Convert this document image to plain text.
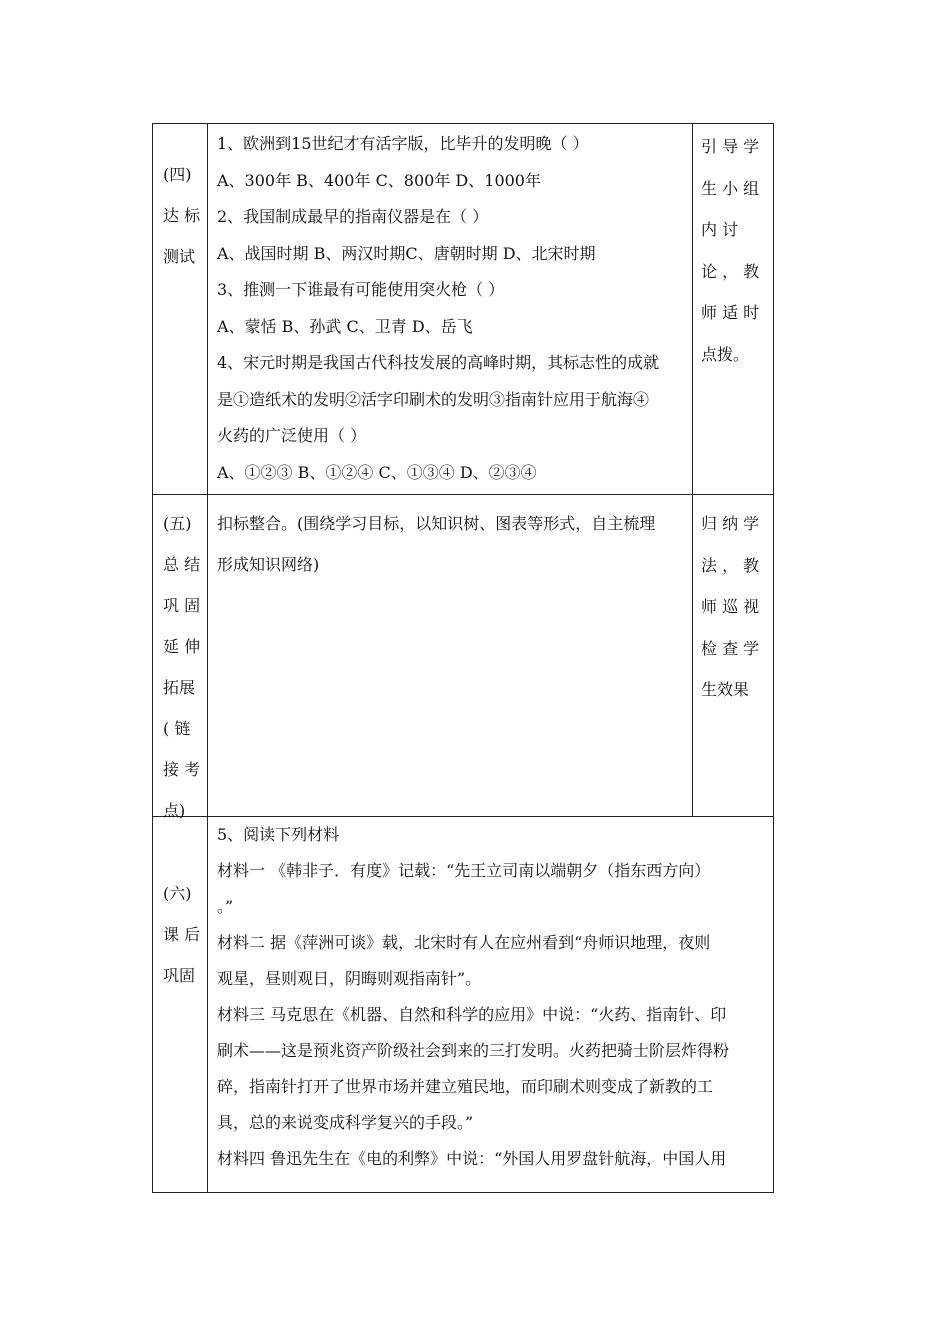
(四)
达 标
测试
1、欧洲到15世纪才有活字版，比毕升的发明晚（ ）
A、300年 B、400年 C、800年 D、1000年
2、我国制成最早的指南仪器是在（ ）
A、战国时期 B、两汉时期C、唐朝时期 D、北宋时期
3、推测一下谁最有可能使用突火枪（ ）
A、蒙恬 B、孙武 C、卫青 D、岳飞
4、宋元时期是我国古代科技发展的高峰时期，其标志性的成就
是①造纸术的发明②活字印刷术的发明③指南针应用于航海④
火药的广泛使用（ ）
A、①②③ B、①②④ C、①③④ D、②③④
引 导 学
生 小 组
内 讨
论 ， 教
师 适 时
点拨。
(五)
总 结
巩 固
延 伸
拓展
( 链
接 考
点)
扣标整合。(围绕学习目标，以知识树、图表等形式，自主梳理
形成知识网络)
归 纳 学
法 ， 教
师 巡 视
检 查 学
生效果
(六)
课 后
巩固
5、阅读下列材料
材料一 《韩非子．有度》记载：“先王立司南以端朝夕（指东西方向）
。”
材料二 据《萍洲可谈》载，北宋时有人在应州看到“舟师识地理，夜则
观星，昼则观日，阴晦则观指南针”。
材料三 马克思在《机器、自然和科学的应用》中说：“火药、指南针、印
刷术——这是预兆资产阶级社会到来的三打发明。火药把骑士阶层炸得粉
碎，指南针打开了世界市场并建立殖民地，而印刷术则变成了新教的工
具，总的来说变成科学复兴的手段。”
材料四 鲁迅先生在《电的利弊》中说：“外国人用罗盘针航海，中国人用
